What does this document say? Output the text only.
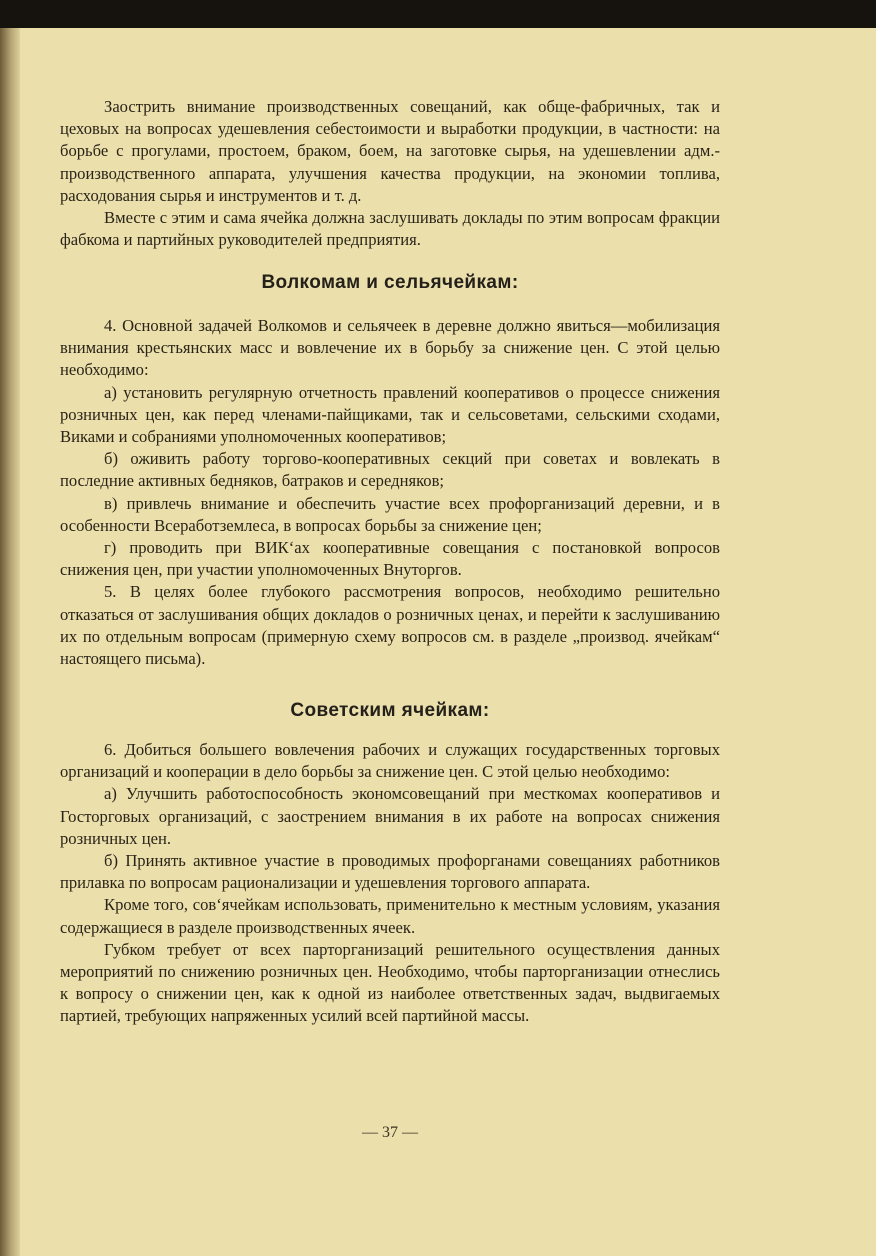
Заострить внимание производственных совещаний, как обще-фабричных, так и цеховых на вопросах удешевления себестоимости и выработки продукции, в частности: на борьбе с прогулами, простоем, браком, боем, на заготовке сырья, на удешевлении адм.-производственного аппарата, улучшения качества продукции, на экономии топлива, расходования сырья и инструментов и т. д.

Вместе с этим и сама ячейка должна заслушивать доклады по этим вопросам фракции фабкома и партийных руководителей предприятия.

Волкомам и сельячейкам:

4. Основной задачей Волкомов и сельячеек в деревне должно явиться—мобилизация внимания крестьянских масс и вовлечение их в борьбу за снижение цен. С этой целью необходимо:

а) установить регулярную отчетность правлений кооперативов о процессе снижения розничных цен, как перед членами-пайщиками, так и сельсоветами, сельскими сходами, Виками и собраниями уполномоченных кооперативов;

б) оживить работу торгово-кооперативных секций при советах и вовлекать в последние активных бедняков, батраков и середняков;

в) привлечь внимание и обеспечить участие всех профорганизаций деревни, и в особенности Всеработземлеса, в вопросах борьбы за снижение цен;

г) проводить при ВИК‘ах кооперативные совещания с постановкой вопросов снижения цен, при участии уполномоченных Внуторгов.

5. В целях более глубокого рассмотрения вопросов, необходимо решительно отказаться от заслушивания общих докладов о розничных ценах, и перейти к заслушиванию их по отдельным вопросам (примерную схему вопросов см. в разделе „производ. ячейкам“ настоящего письма).

Советским ячейкам:

6. Добиться большего вовлечения рабочих и служащих государственных торговых организаций и кооперации в дело борьбы за снижение цен. С этой целью необходимо:

а) Улучшить работоспособность экономсовещаний при месткомах кооперативов и Госторговых организаций, с заострением внимания в их работе на вопросах снижения розничных цен.

б) Принять активное участие в проводимых профорганами совещаниях работников прилавка по вопросам рационализации и удешевления торгового аппарата.

Кроме того, сов‘ячейкам использовать, применительно к местным условиям, указания содержащиеся в разделе производственных ячеек.

Губком требует от всех парторганизаций решительного осуществления данных мероприятий по снижению розничных цен. Необходимо, чтобы парторганизации отнеслись к вопросу о снижении цен, как к одной из наиболее ответственных задач, выдвигаемых партией, требующих напряженных усилий всей партийной массы.

— 37 —
